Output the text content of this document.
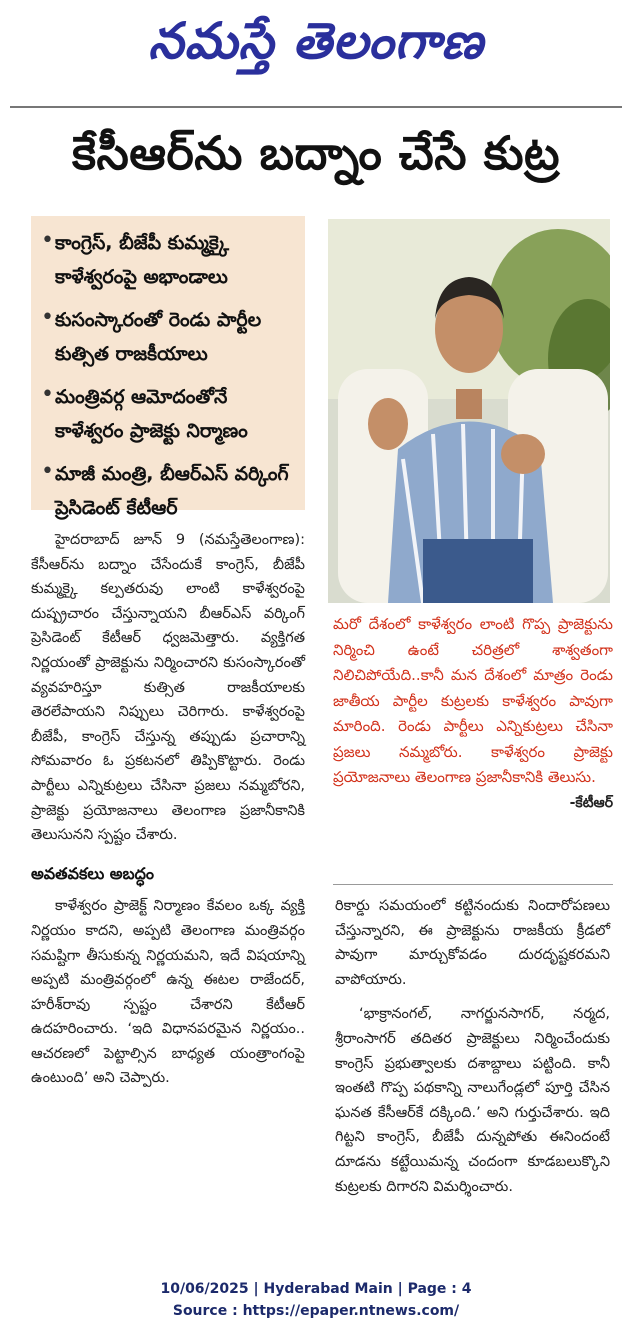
నమస్తే తెలంగాణ
కేసీఆర్‌ను బద్నాం చేసే కుట్ర
• కాంగ్రెస్‌, బీజేపీ కుమ్మక్కై కాళేశ్వరంపై అభాండాలు
• కుసంస్కారంతో రెండు పార్టీల కుత్సిత రాజకీయాలు
• మంత్రివర్గ ఆమోదంతోనే కాళేశ్వరం ప్రాజెక్టు నిర్మాణం
• మాజీ మంత్రి, బీఆర్‌ఎస్‌ వర్కింగ్‌ ప్రెసిడెంట్‌ కేటీఆర్‌

హైదరాబాద్‌ జూన్‌ 9 (నమస్తేతెలంగాణ): కేసీఆర్‌ను బద్నాం చేసేందుకే కాంగ్రెస్‌, బీజేపీ కుమ్మక్కై కల్పతరువు లాంటి కాళేశ్వరంపై దుష్ప్రచారం చేస్తున్నాయని బీఆర్‌ఎస్‌ వర్కింగ్‌ ప్రెసిడెంట్‌ కేటీఆర్‌ ధ్వజమెత్తారు. వ్యక్తిగత నిర్ణయంతో ప్రాజెక్టును నిర్మించారని కుసంస్కారంతో వ్యవహరిస్తూ కుత్సిత రాజకీయాలకు తెరలేపాయని నిప్పులు చెరిగారు. కాళేశ్వరంపై బీజేపీ, కాంగ్రెస్‌ చేస్తున్న తప్పుడు ప్రచారాన్ని సోమవారం ఓ ప్రకటనలో తిప్పికొట్టారు. రెండు పార్టీలు ఎన్నికుట్రలు చేసినా ప్రజలు నమ్మబోరని, ప్రాజెక్టు ప్రయోజనాలు తెలంగాణ ప్రజానీకానికి తెలుసునని స్పష్టం చేశారు.

అవతవకలు అబద్ధం

కాళేశ్వరం ప్రాజెక్ట్‌ నిర్మాణం కేవలం ఒక్క వ్యక్తి నిర్ణయం కాదని, అప్పటి తెలంగాణ మంత్రివర్గం సమష్టిగా తీసుకున్న నిర్ణయమని, ఇదే విషయాన్ని అప్పటి మంత్రివర్గంలో ఉన్న ఈటల రాజేందర్‌, హరీశ్‌రావు స్పష్టం చేశారని కేటీఆర్‌ ఉదహరించారు. ‘ఇది విధానపరమైన నిర్ణయం.. ఆచరణలో పెట్టాల్సిన బాధ్యత యంత్రాంగంపై ఉంటుంది’ అని చెప్పారు.

మరో దేశంలో కాళేశ్వరం లాంటి గొప్ప ప్రాజెక్టును నిర్మించి ఉంటే చరిత్రలో శాశ్వతంగా నిలిచిపోయేది..కానీ మన దేశంలో మాత్రం రెండు జాతీయ పార్టీల కుట్రలకు కాళేశ్వరం పావుగా మారింది. రెండు పార్టీలు ఎన్నికుట్రలు చేసినా ప్రజలు నమ్మబోరు. కాళేశ్వరం ప్రాజెక్టు ప్రయోజనాలు తెలంగాణ ప్రజానీకానికి తెలుసు.

-కేటీఆర్‌

రికార్డు సమయంలో కట్టినందుకు నిందారోపణలు చేస్తున్నారని, ఈ ప్రాజెక్టును రాజకీయ క్రీడలో పావుగా మార్చుకోవడం దురదృష్టకరమని వాపోయారు.

‘భాక్రానంగల్‌, నాగర్జునసాగర్‌, నర్మద, శ్రీరాంసాగర్‌ తదితర ప్రాజెక్టులు నిర్మించేందుకు కాంగ్రెస్‌ ప్రభుత్వాలకు దశాబ్దాలు పట్టింది. కానీ ఇంతటి గొప్ప పథకాన్ని నాలుగేండ్లలో పూర్తి చేసిన ఘనత కేసీఆర్‌కే దక్కింది.’ అని గుర్తుచేశారు. ఇది గిట్టని కాంగ్రెస్‌, బీజేపీ దున్నపోతు ఈనిందంటే దూడను కట్టేయిమన్న చందంగా కూడబలుక్కొని కుట్రలకు దిగారని విమర్శించారు.

10/06/2025 | Hyderabad Main | Page : 4
Source : https://epaper.ntnews.com/
